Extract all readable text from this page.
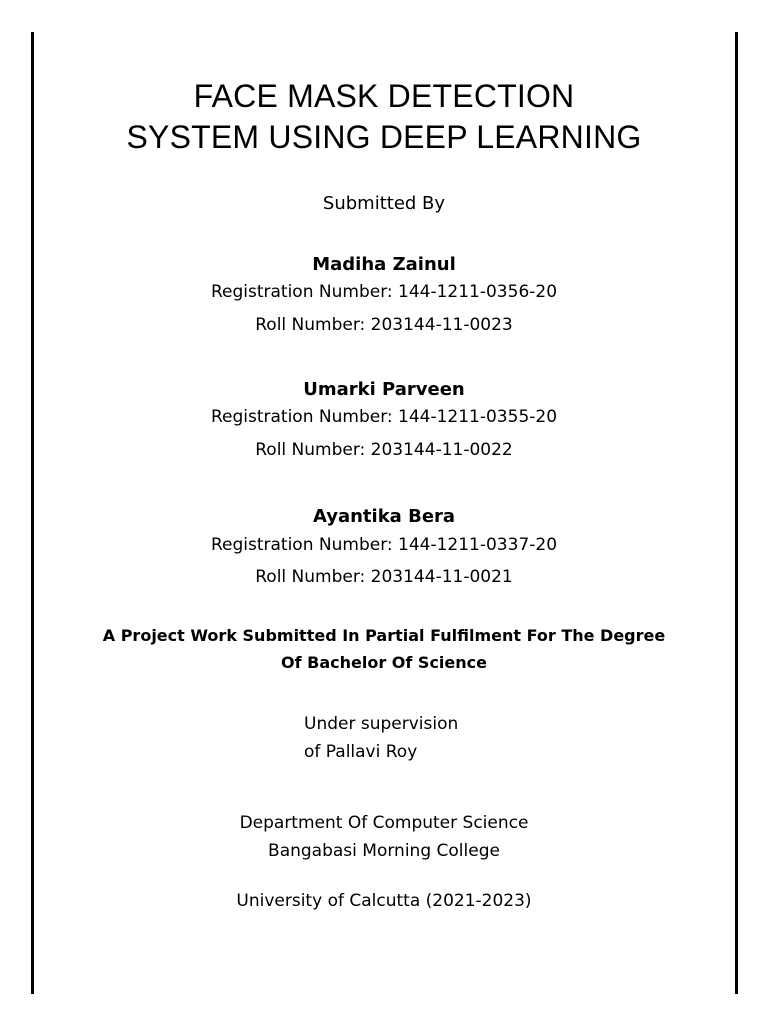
FACE MASK DETECTION
SYSTEM USING DEEP LEARNING
Submitted By
Madiha Zainul
Registration Number: 144-1211-0356-20
Roll Number: 203144-11-0023
Umarki Parveen
Registration Number: 144-1211-0355-20
Roll Number: 203144-11-0022
Ayantika Bera
Registration Number: 144-1211-0337-20
Roll Number: 203144-11-0021
A Project Work Submitted In Partial Fulfilment For The Degree
Of Bachelor Of Science
Under supervision
of Pallavi Roy
Department Of Computer Science
Bangabasi Morning College
University of Calcutta (2021-2023)
